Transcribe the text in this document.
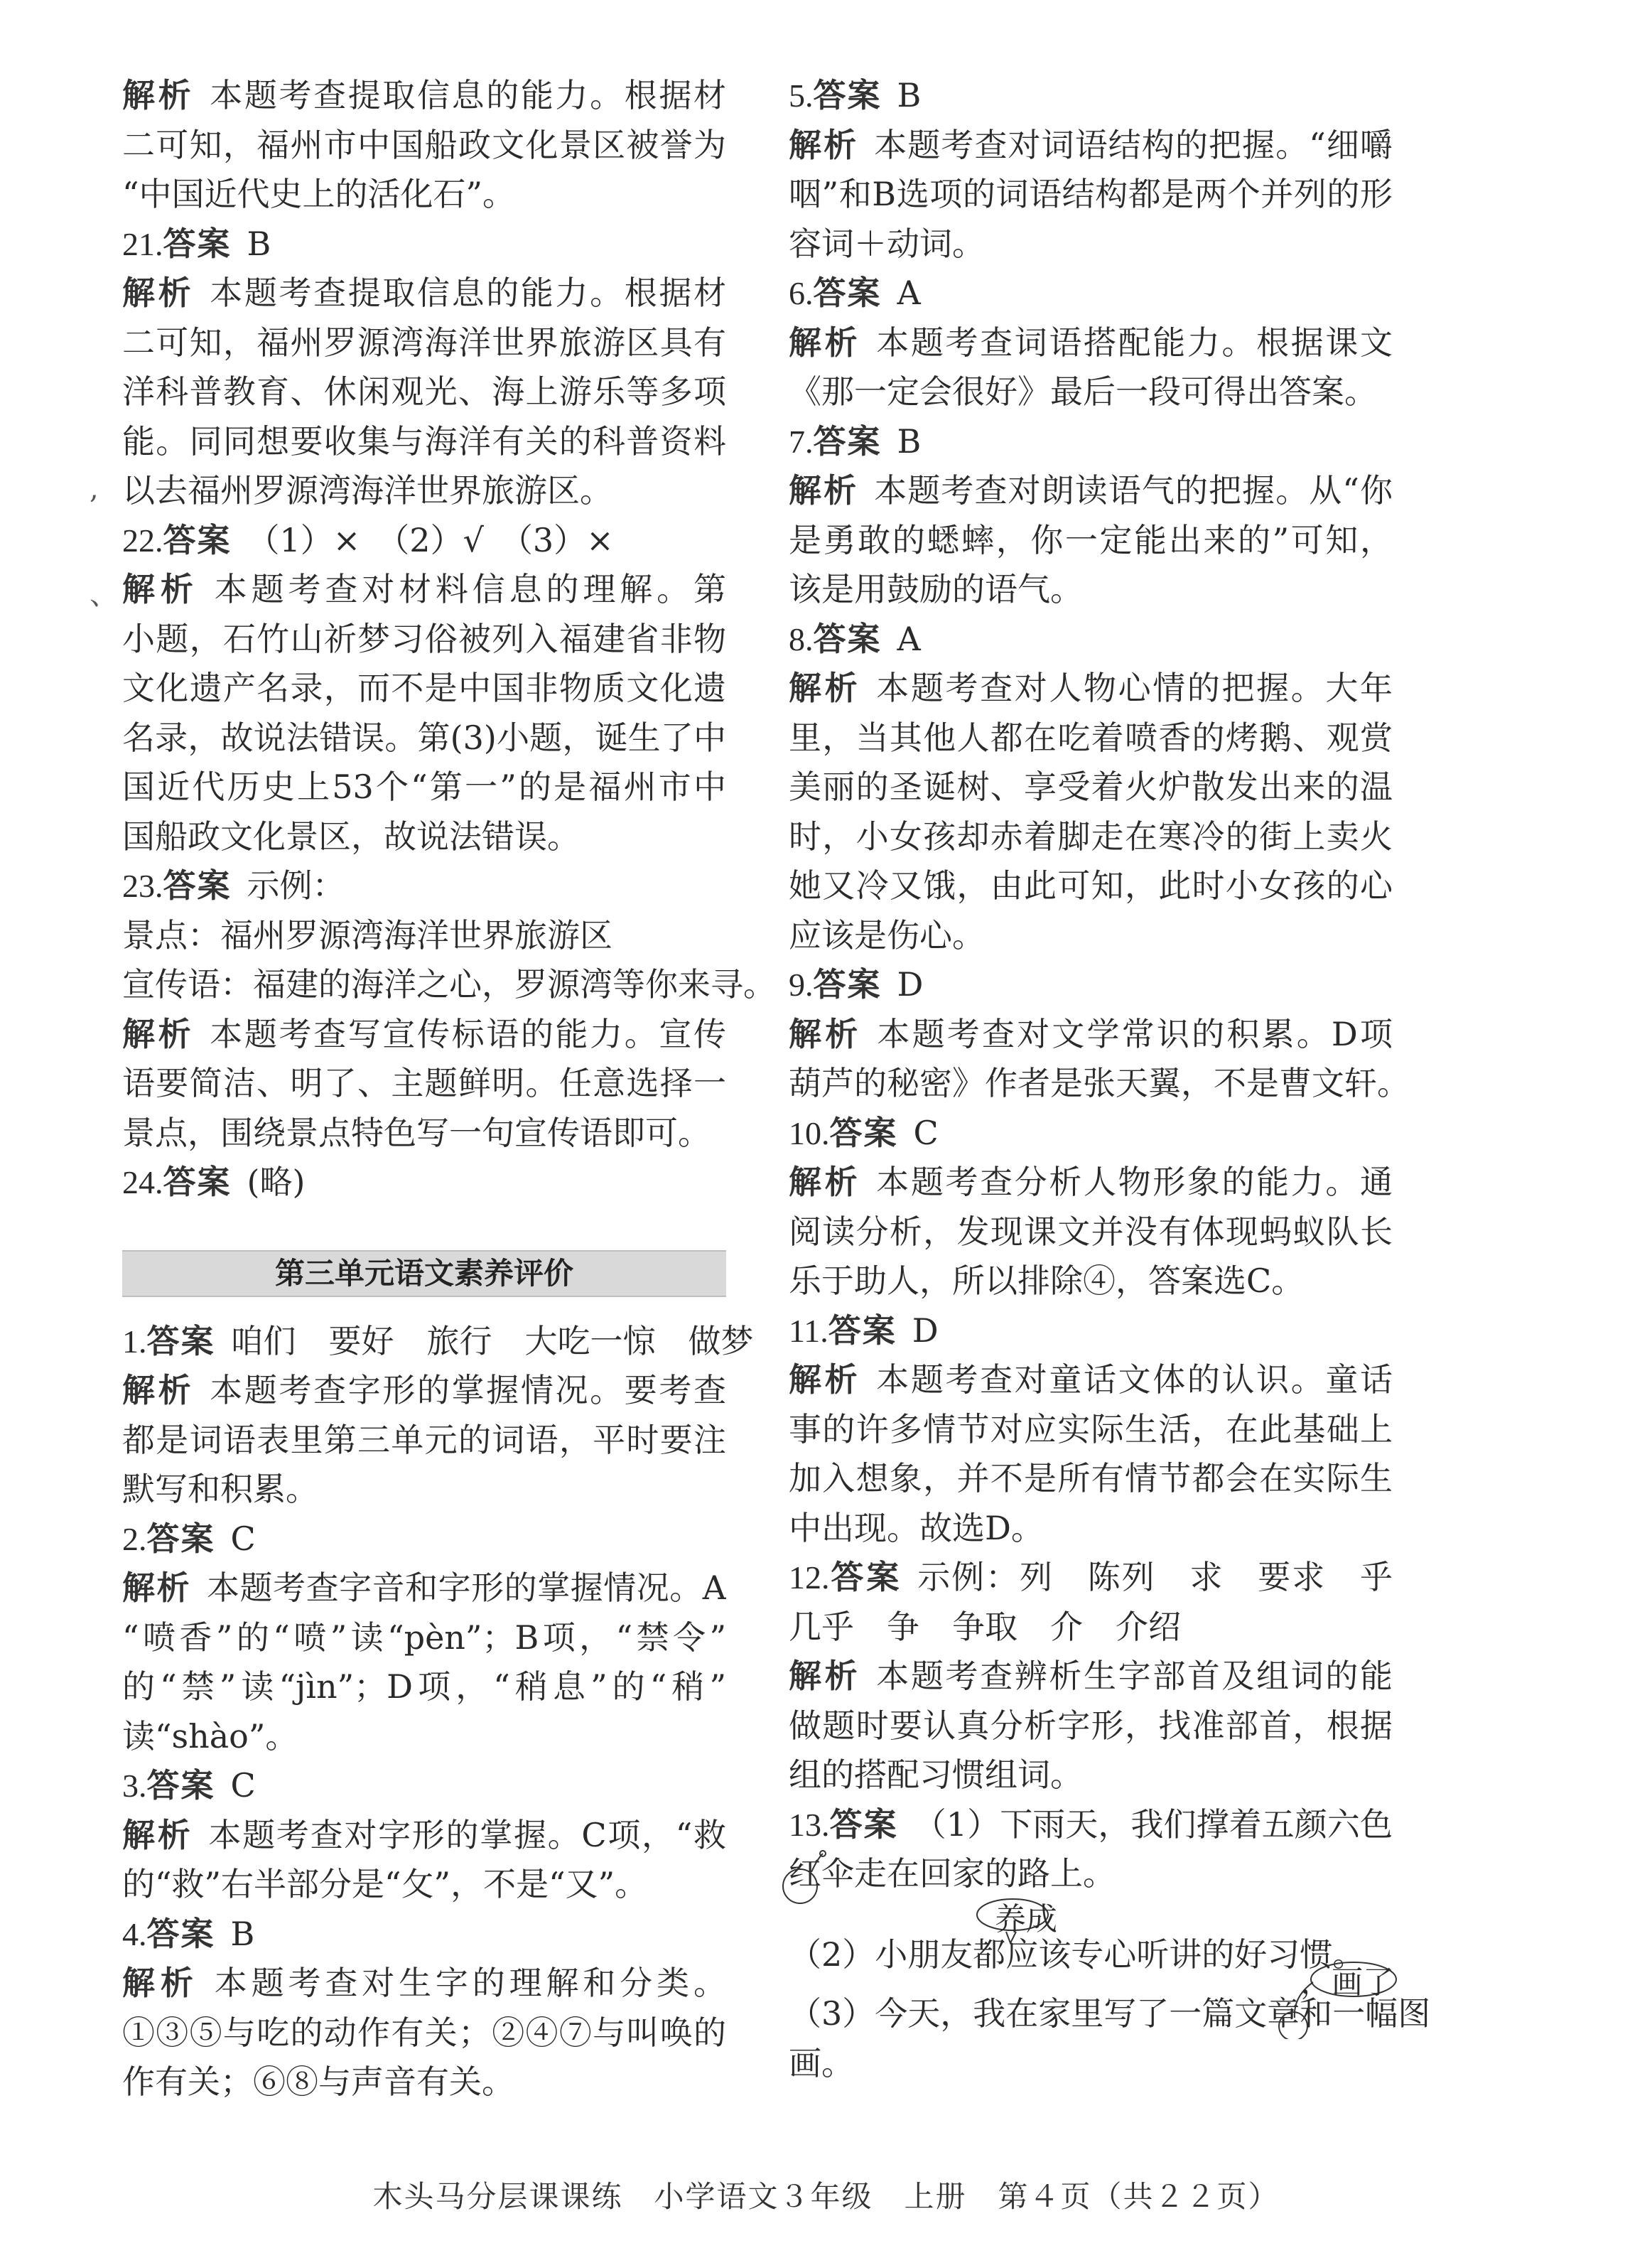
解析 本题考查提取信息的能力。根据材
二可知，福州市中国船政文化景区被誉为
“中国近代史上的活化石”。
21.答案 B
解析 本题考查提取信息的能力。根据材
二可知，福州罗源湾海洋世界旅游区具有
洋科普教育、休闲观光、海上游乐等多项
能。同同想要收集与海洋有关的科普资料
以去福州罗源湾海洋世界旅游区。
22.答案 （1）×　（2）√　（3）×
解析 本题考查对材料信息的理解。第
小题，石竹山祈梦习俗被列入福建省非物
文化遗产名录，而不是中国非物质文化遗
名录，故说法错误。第(3)小题，诞生了中
国近代历史上53个“第一”的是福州市中
国船政文化景区，故说法错误。
23.答案 示例：
景点：福州罗源湾海洋世界旅游区
宣传语：福建的海洋之心，罗源湾等你来寻。
解析 本题考查写宣传标语的能力。宣传
语要简洁、明了、主题鲜明。任意选择一
景点，围绕景点特色写一句宣传语即可。
24.答案 (略)
第三单元语文素养评价
1.答案 咱们　要好　旅行　大吃一惊　做梦
解析 本题考查字形的掌握情况。要考查
都是词语表里第三单元的词语，平时要注
默写和积累。
2.答案 C
解析 本题考查字音和字形的掌握情况。A
“喷香”的“喷”读“pèn”；B项，“禁令”
的“禁”读“jìn”；D项，“稍息”的“稍”
读“shào”。
3.答案 C
解析 本题考查对字形的掌握。C项，“救
的“救”右半部分是“攵”，不是“又”。
4.答案 B
解析 本题考查对生字的理解和分类。
①③⑤与吃的动作有关；②④⑦与叫唤的
作有关；⑥⑧与声音有关。
5.答案 B
解析 本题考查对词语结构的把握。“细嚼
咽”和B选项的词语结构都是两个并列的形
容词＋动词。
6.答案 A
解析 本题考查词语搭配能力。根据课文
《那一定会很好》最后一段可得出答案。
7.答案 B
解析 本题考查对朗读语气的把握。从“你
是勇敢的蟋蟀，你一定能出来的”可知，
该是用鼓励的语气。
8.答案 A
解析 本题考查对人物心情的把握。大年
里，当其他人都在吃着喷香的烤鹅、观赏
美丽的圣诞树、享受着火炉散发出来的温
时，小女孩却赤着脚走在寒冷的街上卖火
她又冷又饿，由此可知，此时小女孩的心
应该是伤心。
9.答案 D
解析 本题考查对文学常识的积累。D项
葫芦的秘密》作者是张天翼，不是曹文轩。
10.答案 C
解析 本题考查分析人物形象的能力。通
阅读分析，发现课文并没有体现蚂蚁队长
乐于助人，所以排除④，答案选C。
11.答案 D
解析 本题考查对童话文体的认识。童话
事的许多情节对应实际生活，在此基础上
加入想象，并不是所有情节都会在实际生
中出现。故选D。
12.答案 示例：列　陈列　求　要求　乎
几乎　争　争取　介　介绍
解析 本题考查辨析生字部首及组词的能
做题时要认真分析字形，找准部首，根据
组的搭配习惯组词。
13.答案 （1）下雨天，我们撑着五颜六色
红伞走在回家的路上。
（2）小朋友都应该专心听讲的好习惯。
养成
（3）今天，我在家里写了一篇文章和一幅图
，画了
画。
,
、
木头马分层课课练　小学语文３年级　上册　第４页（共２２页）
